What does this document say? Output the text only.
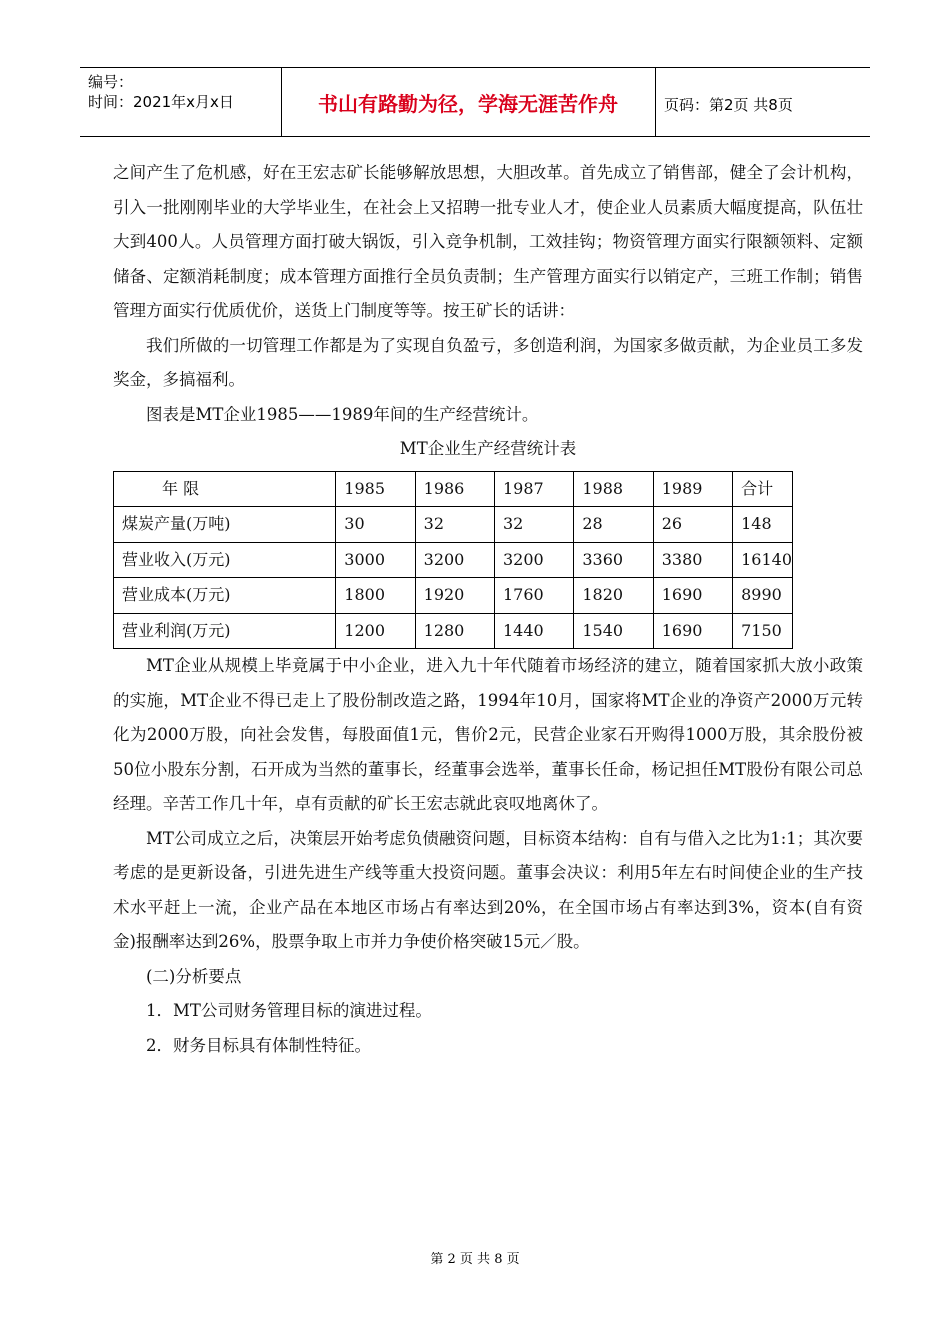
编号：
时间：2021年x月x日	书山有路勤为径，学海无涯苦作舟	页码：第2页 共8页

之间产生了危机感，好在王宏志矿长能够解放思想，大胆改革。首先成立了销售部，健全了会计机构，引入一批刚刚毕业的大学毕业生，在社会上又招聘一批专业人才，使企业人员素质大幅度提高，队伍壮大到400人。人员管理方面打破大锅饭，引入竞争机制，工效挂钩；物资管理方面实行限额领料、定额储备、定额消耗制度；成本管理方面推行全员负责制；生产管理方面实行以销定产，三班工作制；销售管理方面实行优质优价，送货上门制度等等。按王矿长的话讲：

我们所做的一切管理工作都是为了实现自负盈亏，多创造利润，为国家多做贡献，为企业员工多发奖金，多搞福利。

图表是MT企业1985——1989年间的生产经营统计。

MT企业生产经营统计表

年 限	1985	1986	1987	1988	1989	合计
煤炭产量(万吨)	30	32	32	28	26	148
营业收入(万元)	3000	3200	3200	3360	3380	16140
营业成本(万元)	1800	1920	1760	1820	1690	8990
营业利润(万元)	1200	1280	1440	1540	1690	7150

MT企业从规模上毕竟属于中小企业，进入九十年代随着市场经济的建立，随着国家抓大放小政策的实施，MT企业不得已走上了股份制改造之路，1994年10月，国家将MT企业的净资产2000万元转化为2000万股，向社会发售，每股面值1元，售价2元，民营企业家石开购得1000万股，其余股份被50位小股东分割，石开成为当然的董事长，经董事会选举，董事长任命，杨记担任MT股份有限公司总经理。辛苦工作几十年，卓有贡献的矿长王宏志就此哀叹地离休了。

MT公司成立之后，决策层开始考虑负债融资问题，目标资本结构：自有与借入之比为1:1；其次要考虑的是更新设备，引进先进生产线等重大投资问题。董事会决议：利用5年左右时间使企业的生产技术水平赶上一流，企业产品在本地区市场占有率达到20%，在全国市场占有率达到3%，资本(自有资金)报酬率达到26%，股票争取上市并力争使价格突破15元／股。

(二)分析要点

1．MT公司财务管理目标的演进过程。

2．财务目标具有体制性特征。

第 2 页 共 8 页
